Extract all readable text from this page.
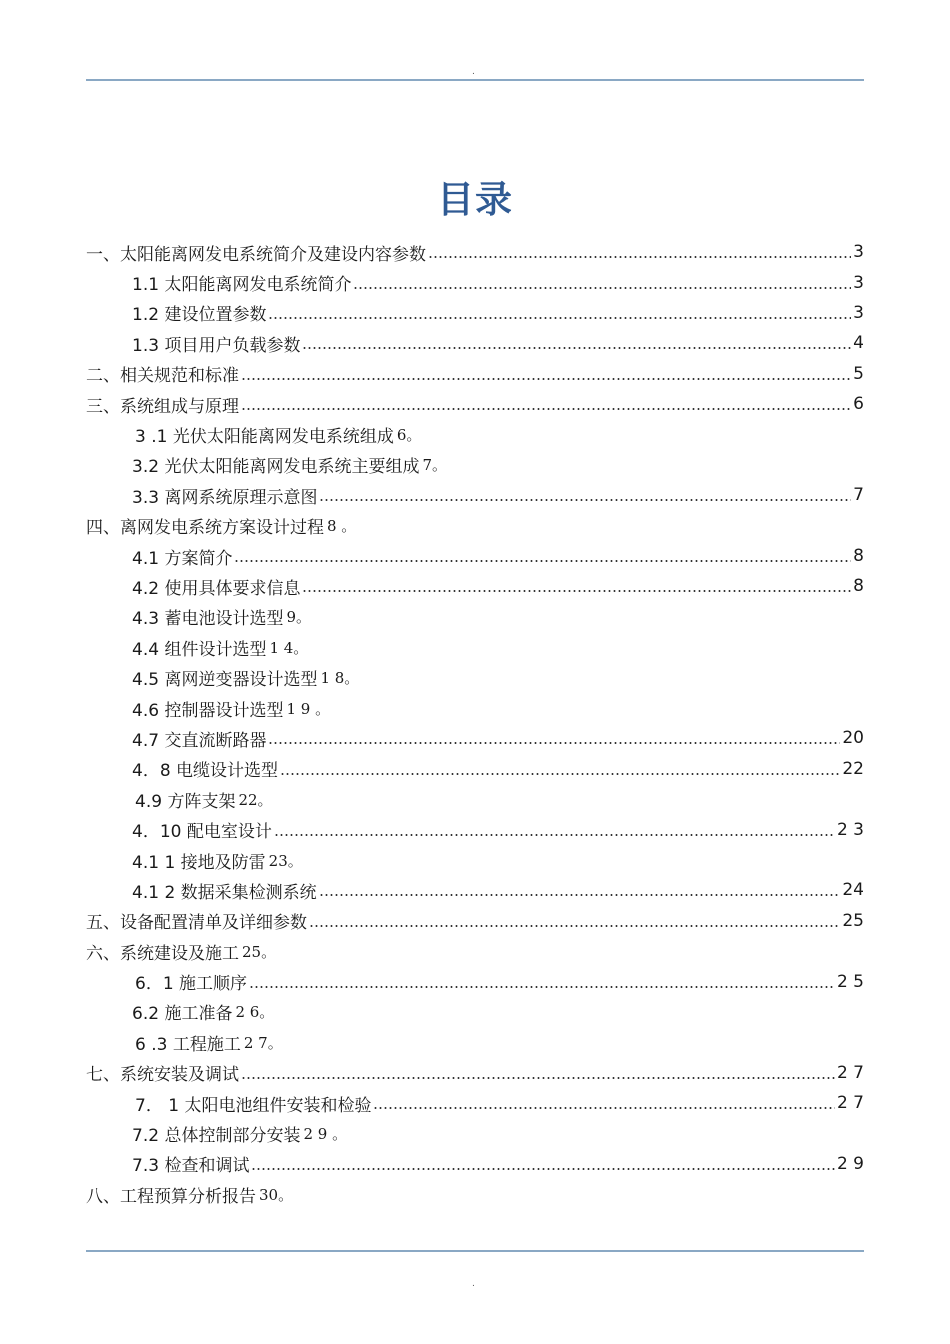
.
目录
一、太阳能离网发电系统简介及建设内容参数	3
1.1 太阳能离网发电系统简介	3
1.2 建设位置参数	3
1.3 项目用户负载参数	4
二、相关规范和标准	5
三、系统组成与原理	6
3 .1 光伏太阳能离网发电系统组成 6。
3.2 光伏太阳能离网发电系统主要组成 7。
3.3 离网系统原理示意图	7
四、离网发电系统方案设计过程 8 。
4.1 方案简介	8
4.2 使用具体要求信息	8
4.3 蓄电池设计选型 9。
4.4 组件设计选型 1 4。
4.5 离网逆变器设计选型 1 8。
4.6 控制器设计选型 1 9 。
4.7 交直流断路器	20
4．8 电缆设计选型	22
4.9 方阵支架 22。
4．10 配电室设计	2 3
4.1 1 接地及防雷 23。
4.1 2 数据采集检测系统	24
五、设备配置清单及详细参数	25
六、系统建设及施工 25。
6．1 施工顺序	2 5
6.2 施工准备 2 6。
6 .3 工程施工 2 7。
七、系统安装及调试	2 7
7． 1 太阳电池组件安装和检验	2 7
7.2 总体控制部分安装 2 9 。
7.3 检查和调试	2 9
八、工程预算分析报告 30。
.
